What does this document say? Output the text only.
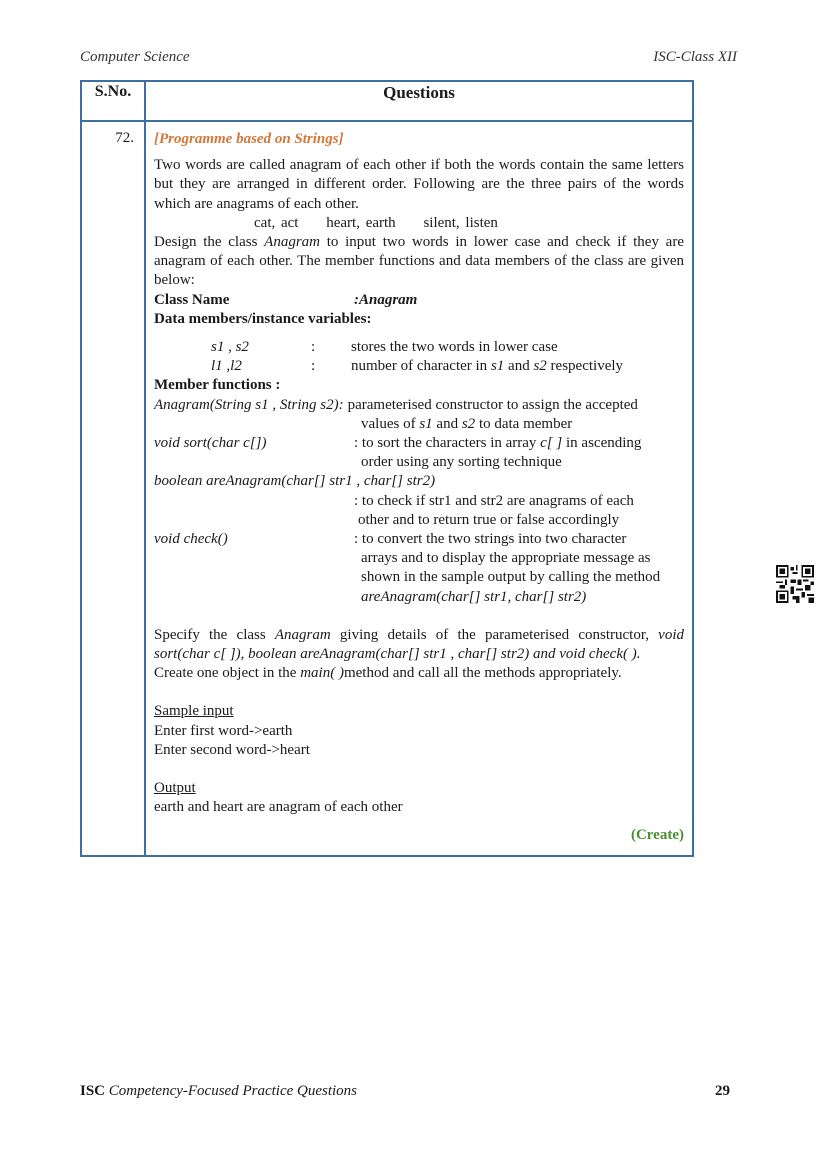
Computer Science	ISC-Class XII
S.No.	Questions
72.	[Programme based on Strings]
Two words are called anagram of each other if both the words contain the same letters but they are arranged in different order. Following are the three pairs of the words which are anagrams of each other.
cat, act heart, earth silent, listen
Design the class Anagram to input two words in lower case and check if they are anagram of each other. The member functions and data members of the class are given below:
Class Name	:Anagram
Data members/instance variables:
s1 , s2	:	stores the two words in lower case
l1 ,l2	:	number of character in s1 and s2 respectively
Member functions :
Anagram(String s1 , String s2): parameterised constructor to assign the accepted
values of s1 and s2 to data member
void sort(char c[])	: to sort the characters in array c[ ] in ascending
order using any sorting technique
boolean areAnagram(char[] str1 , char[] str2)
: to check if str1 and str2 are anagrams of each
other and to return true or false accordingly
void check()	: to convert the two strings into two character
arrays and to display the appropriate message as
shown in the sample output by calling the method
areAnagram(char[] str1, char[] str2)
Specify the class Anagram giving details of the parameterised constructor, void sort(char c[ ]), boolean areAnagram(char[] str1 , char[] str2) and void check( ).
Create one object in the main( )method and call all the methods appropriately.
Sample input
Enter first word->earth
Enter second word->heart
Output
earth and heart are anagram of each other
(Create)
ISC Competency-Focused Practice Questions	29
